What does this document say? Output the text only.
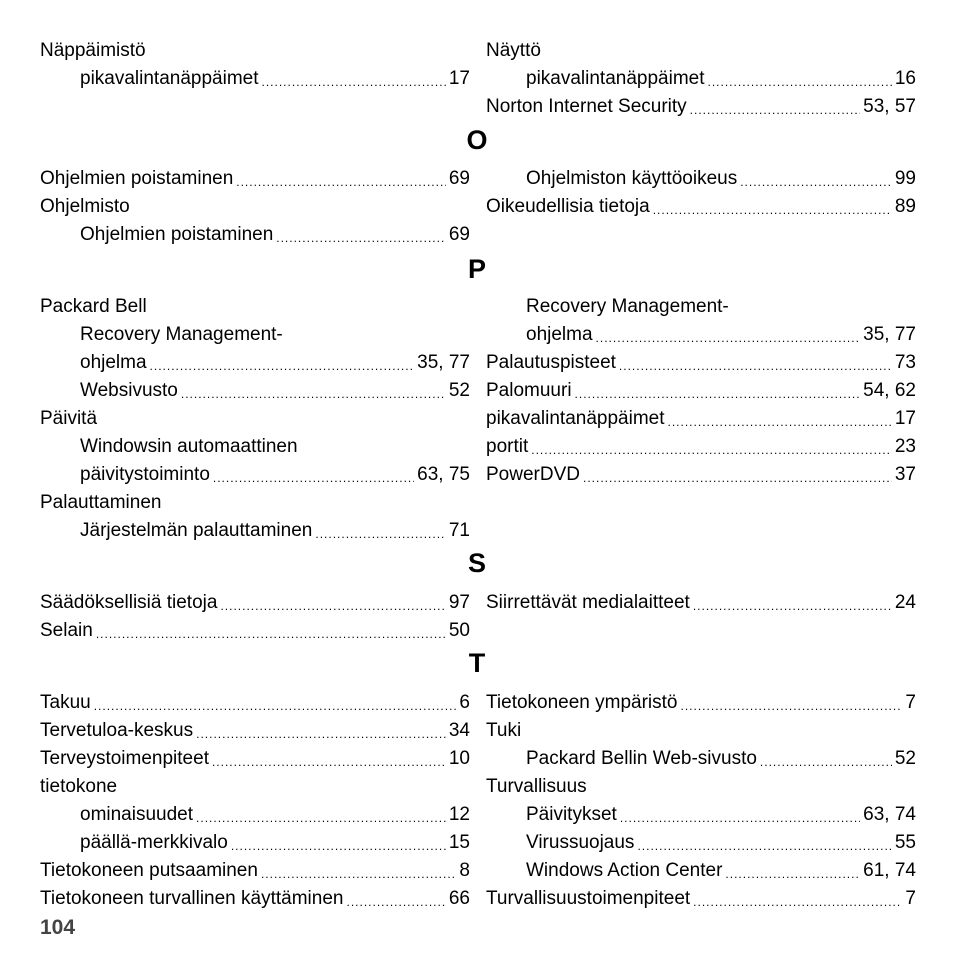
Näppäimistö
pikavalintanäppäimet .....	17
Näyttö
pikavalintanäppäimet .....	16
Norton Internet Security .....	53, 57
O
Ohjelmien poistaminen .....	69
Ohjelmisto
Ohjelmien poistaminen .....	69
Ohjelmiston käyttöoikeus .....	99
Oikeudellisia tietoja .....	89
P
Packard Bell
Recovery Management-
ohjelma .....	35, 77
Websivusto .....	52
Päivitä
Windowsin automaattinen
päivitystoiminto .....	63, 75
Palauttaminen
Järjestelmän palauttaminen .....	71
Recovery Management-
ohjelma .....	35, 77
Palautuspisteet .....	73
Palomuuri .....	54, 62
pikavalintanäppäimet .....	17
portit .....	23
PowerDVD .....	37
S
Säädöksellisiä tietoja .....	97
Selain .....	50
Siirrettävät medialaitteet .....	24
T
Takuu .....	6
Tervetuloa-keskus .....	34
Terveystoimenpiteet .....	10
tietokone
ominaisuudet .....	12
päällä-merkkivalo .....	15
Tietokoneen putsaaminen .....	8
Tietokoneen turvallinen käyttäminen .....	66
Tietokoneen ympäristö .....	7
Tuki
Packard Bellin Web-sivusto .....	52
Turvallisuus
Päivitykset .....	63, 74
Virussuojaus .....	55
Windows Action Center .....	61, 74
Turvallisuustoimenpiteet .....	7
104
